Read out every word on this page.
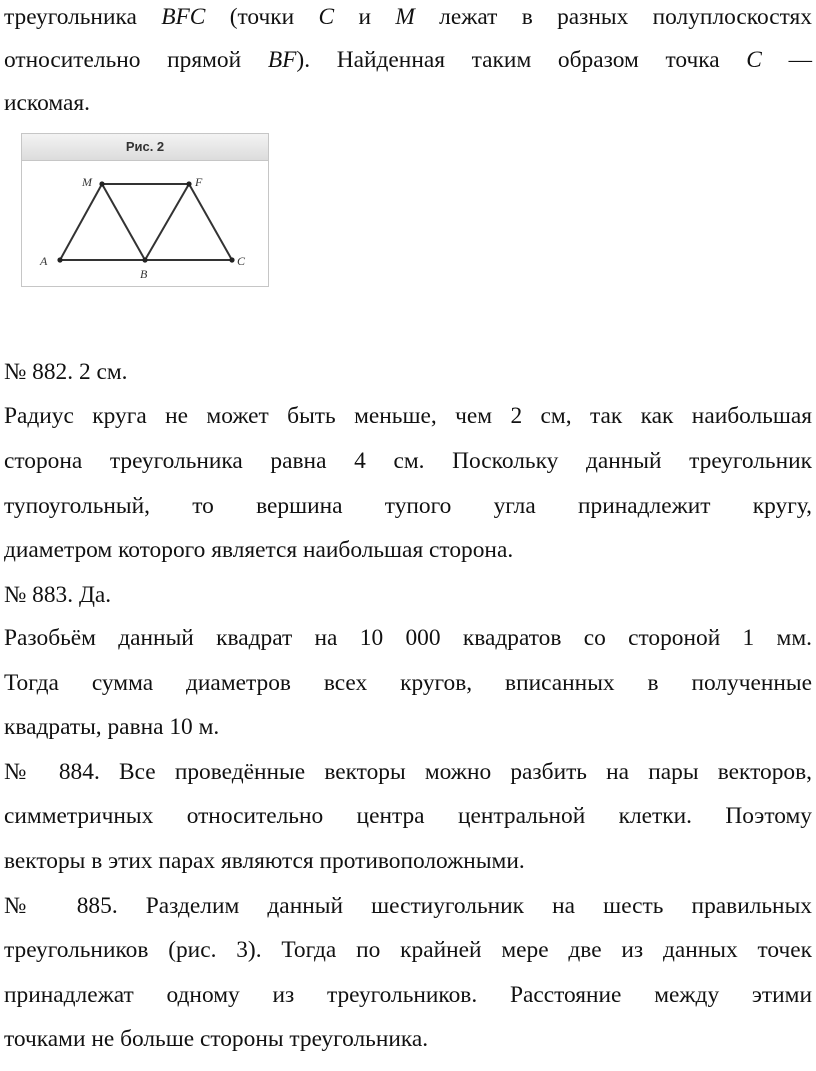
треугольника BFC (точки C и M лежат в разных полуплоскостях
относительно прямой BF). Найденная таким образом точка C —
искомая.
Рис. 2
A
B
C
M	F
№ 882. 2 см.
Радиус круга не может быть меньше, чем 2 см, так как наибольшая
сторона треугольника равна 4 см. Поскольку данный треугольник
тупоугольный, то вершина тупого угла принадлежит кругу,
диаметром которого является наибольшая сторона.
№ 883. Да.
Разобьём данный квадрат на 10 000 квадратов со стороной 1 мм.
Тогда сумма диаметров всех кругов, вписанных в полученные
квадраты, равна 10 м.
№ 884. Все проведённые векторы можно разбить на пары векторов,
симметричных относительно центра центральной клетки. Поэтому
векторы в этих парах являются противоположными.
№ 885. Разделим данный шестиугольник на шесть правильных
треугольников (рис. 3). Тогда по крайней мере две из данных точек
принадлежат одному из треугольников. Расстояние между этими
точками не больше стороны треугольника.
